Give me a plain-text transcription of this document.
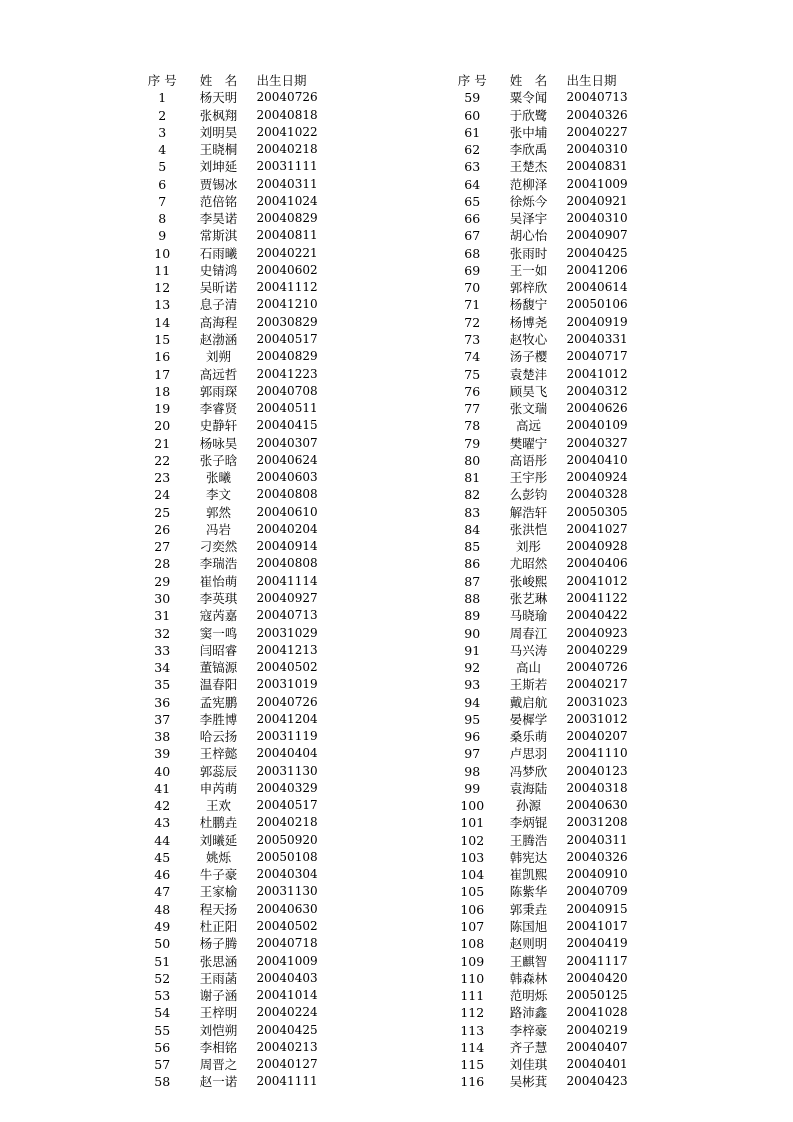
序 号	姓　名	出生日期
1	杨天明	20040726
2	张枫翔	20040818
3	刘明昊	20041022
4	王晓桐	20040218
5	刘坤延	20031111
6	贾锡冰	20040311
7	范倍铭	20041024
8	李昊诺	20040829
9	常斯淇	20040811
10	石雨曦	20040221
11	史锖鸿	20040602
12	吴昕诺	20041112
13	息子清	20041210
14	高海程	20030829
15	赵渤涵	20040517
16	刘朔	20040829
17	高远哲	20041223
18	郭雨琛	20040708
19	李睿贤	20040511
20	史静轩	20040415
21	杨咏昊	20040307
22	张子晗	20040624
23	张曦	20040603
24	李文	20040808
25	郭然	20040610
26	冯岩	20040204
27	刁奕然	20040914
28	李瑞浩	20040808
29	崔怡萌	20041114
30	李英琪	20040927
31	寇芮嘉	20040713
32	窦一鸣	20031029
33	闫昭睿	20041213
34	董镐源	20040502
35	温春阳	20031019
36	孟宪鹏	20040726
37	李胜博	20041204
38	哈云扬	20031119
39	王梓懿	20040404
40	郭蕊辰	20031130
41	申芮萌	20040329
42	王欢	20040517
43	杜鹏垚	20040218
44	刘曦延	20050920
45	姚烁	20050108
46	牛子豪	20040304
47	王家榆	20031130
48	程天扬	20040630
49	杜正阳	20040502
50	杨子腾	20040718
51	张思涵	20041009
52	王雨菡	20040403
53	谢子涵	20041014
54	王梓明	20040224
55	刘恺朔	20040425
56	李相铭	20040213
57	周晋之	20040127
58	赵一诺	20041111
序 号	姓　名	出生日期
59	粟令闻	20040713
60	于欣鹭	20040326
61	张中埔	20040227
62	李欣禹	20040310
63	王楚杰	20040831
64	范柳泽	20041009
65	徐烁今	20040921
66	吴泽宇	20040310
67	胡心怡	20040907
68	张雨时	20040425
69	王一如	20041206
70	郭梓欣	20040614
71	杨馥宁	20050106
72	杨博尧	20040919
73	赵牧心	20040331
74	汤子樱	20040717
75	袁楚沣	20041012
76	顾昊飞	20040312
77	张文瑞	20040626
78	高远	20040109
79	樊曜宁	20040327
80	高语彤	20040410
81	王宇彤	20040924
82	么彭钧	20040328
83	解浩轩	20050305
84	张洪恺	20041027
85	刘彤	20040928
86	尤昭然	20040406
87	张峻熙	20041012
88	张艺琳	20041122
89	马晓瑜	20040422
90	周春江	20040923
91	马兴涛	20040229
92	高山	20040726
93	王斯若	20040217
94	戴启航	20031023
95	晏樨学	20031012
96	桑乐萌	20040207
97	卢思羽	20041110
98	冯梦欣	20040123
99	袁海陆	20040318
100	孙源	20040630
101	李炳锟	20031208
102	王腾浩	20040311
103	韩宪达	20040326
104	崔凯熙	20040910
105	陈紫华	20040709
106	郭秉垚	20040915
107	陈国旭	20041017
108	赵则明	20040419
109	王麒智	20041117
110	韩森林	20040420
111	范明烁	20050125
112	路沛鑫	20041028
113	李梓豪	20040219
114	齐子慧	20040407
115	刘佳琪	20040401
116	吴彬萁	20040423
